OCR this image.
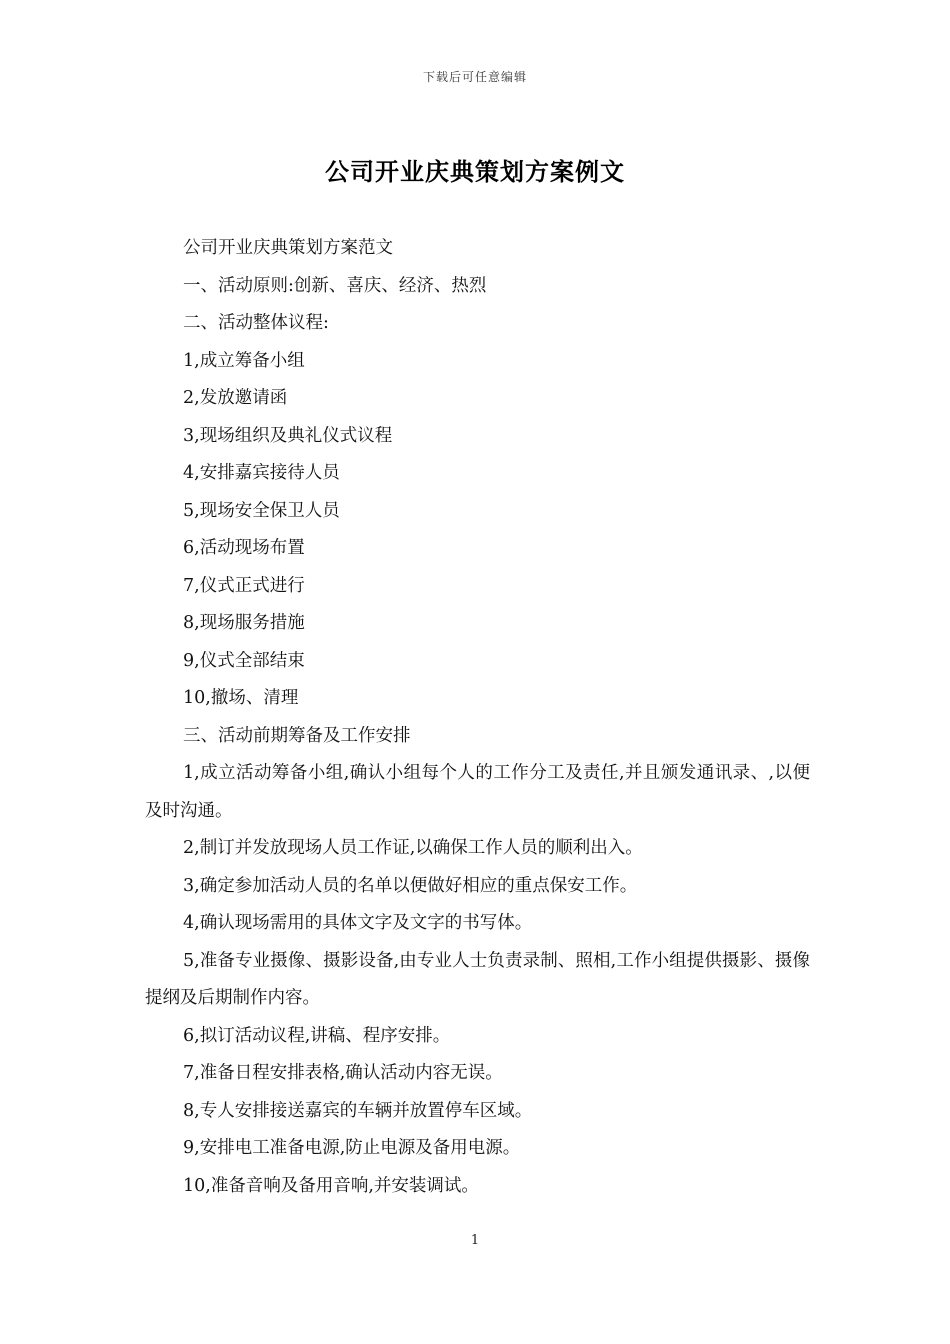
下载后可任意编辑
公司开业庆典策划方案例文

公司开业庆典策划方案范文

一、活动原则:创新、喜庆、经济、热烈

二、活动整体议程:

1,成立筹备小组

2,发放邀请函

3,现场组织及典礼仪式议程

4,安排嘉宾接待人员

5,现场安全保卫人员

6,活动现场布置

7,仪式正式进行

8,现场服务措施

9,仪式全部结束

10,撤场、清理

三、活动前期筹备及工作安排

1,成立活动筹备小组,确认小组每个人的工作分工及责任,并且颁发通讯录、,以便及时沟通。

2,制订并发放现场人员工作证,以确保工作人员的顺利出入。

3,确定参加活动人员的名单以便做好相应的重点保安工作。

4,确认现场需用的具体文字及文字的书写体。

5,准备专业摄像、摄影设备,由专业人士负责录制、照相,工作小组提供摄影、摄像提纲及后期制作内容。

6,拟订活动议程,讲稿、程序安排。

7,准备日程安排表格,确认活动内容无误。

8,专人安排接送嘉宾的车辆并放置停车区域。

9,安排电工准备电源,防止电源及备用电源。

10,准备音响及备用音响,并安装调试。

1
